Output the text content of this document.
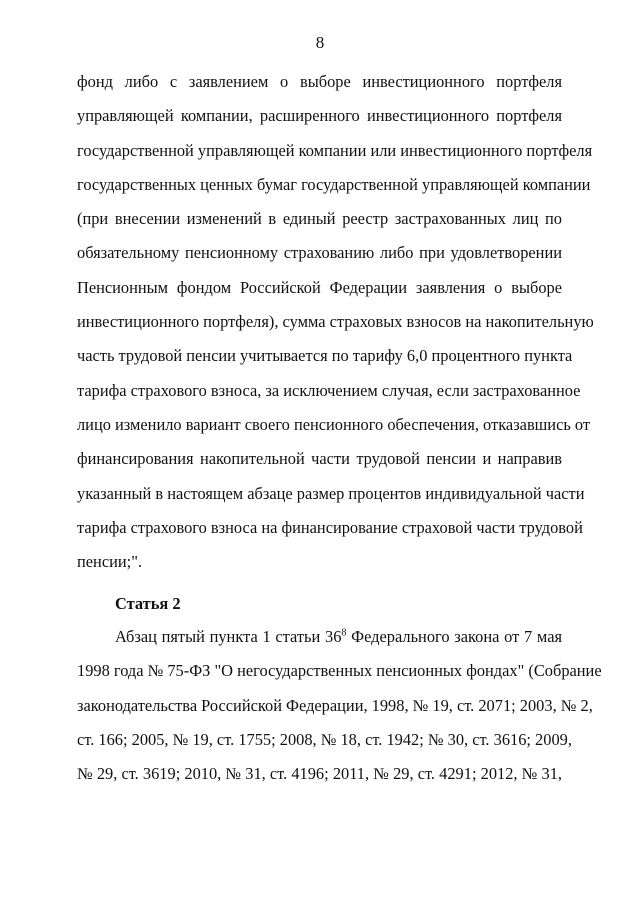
8
фонд либо с заявлением о выборе инвестиционного портфеля
управляющей компании, расширенного инвестиционного портфеля
государственной управляющей компании или инвестиционного портфеля
государственных ценных бумаг государственной управляющей компании
(при внесении изменений в единый реестр застрахованных лиц по
обязательному пенсионному страхованию либо при удовлетворении
Пенсионным фондом Российской Федерации заявления о выборе
инвестиционного портфеля), сумма страховых взносов на накопительную
часть трудовой пенсии учитывается по тарифу 6,0 процентного пункта
тарифа страхового взноса, за исключением случая, если застрахованное
лицо изменило вариант своего пенсионного обеспечения, отказавшись от
финансирования накопительной части трудовой пенсии и направив
указанный в настоящем абзаце размер процентов индивидуальной части
тарифа страхового взноса на финансирование страховой части трудовой
пенсии;".
Статья 2
Абзац пятый пункта 1 статьи $36^8$ Федерального закона от 7 мая
1998 года № 75-ФЗ "О негосударственных пенсионных фондах" (Собрание
законодательства Российской Федерации, 1998, № 19, ст. 2071; 2003, № 2,
ст. 166; 2005, № 19, ст. 1755; 2008, № 18, ст. 1942; № 30, ст. 3616; 2009,
№ 29, ст. 3619; 2010, № 31, ст. 4196; 2011, № 29, ст. 4291; 2012, № 31,
